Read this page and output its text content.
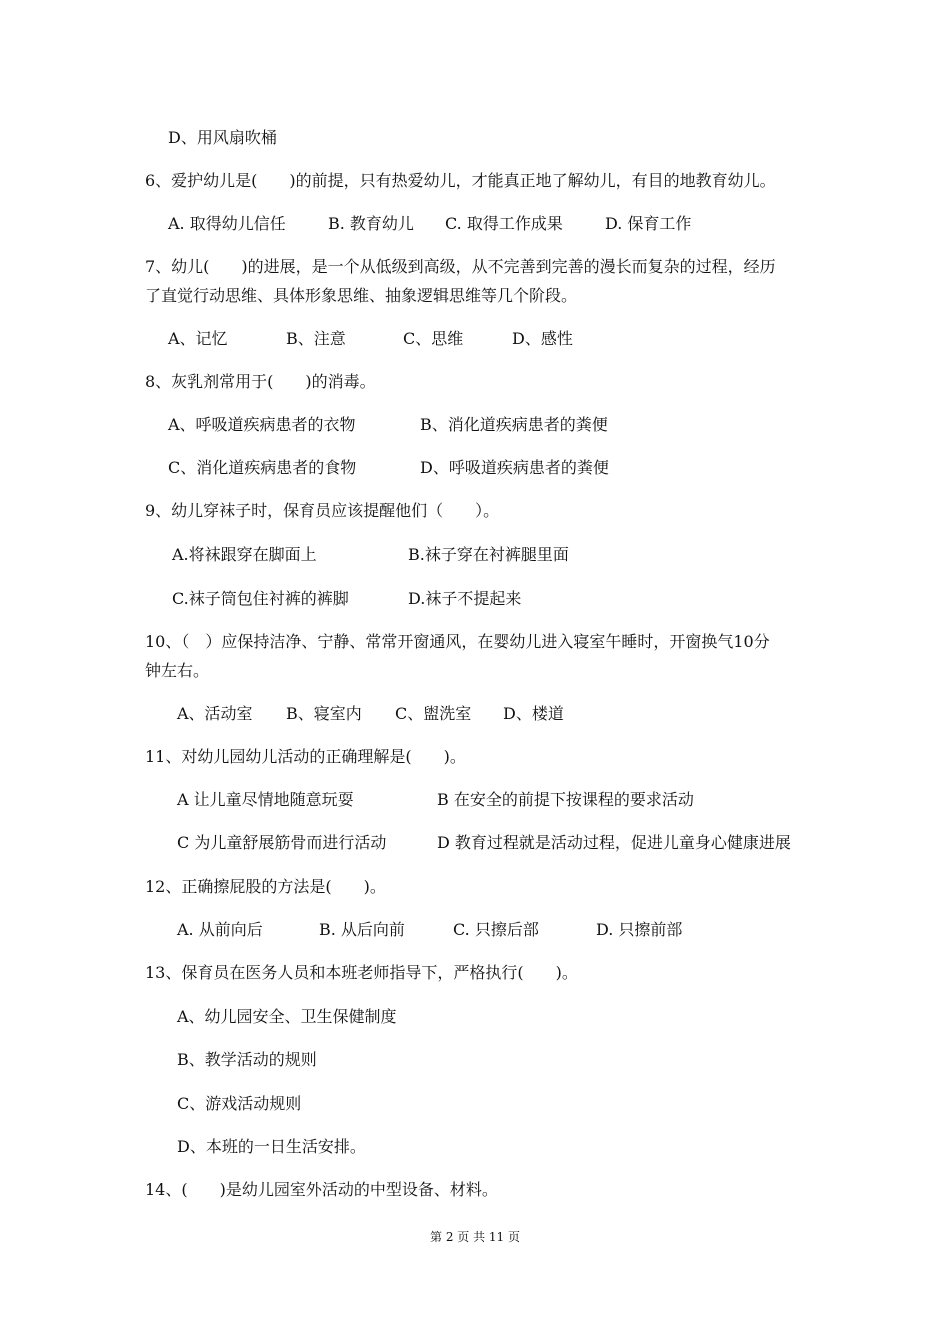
D、用风扇吹桶
6、爱护幼儿是(　　)的前提，只有热爱幼儿，才能真正地了解幼儿，有目的地教育幼儿。
A. 取得幼儿信任	B. 教育幼儿 C. 取得工作成果	D. 保育工作
7、幼儿(　　)的进展，是一个从低级到高级，从不完善到完善的漫长而复杂的过程，经历
了直觉行动思维、具体形象思维、抽象逻辑思维等几个阶段。
A、记忆	B、注意	C、思维	D、感性
8、灰乳剂常用于(　　)的消毒。
A、呼吸道疾病患者的衣物	B、消化道疾病患者的粪便
C、消化道疾病患者的食物	D、呼吸道疾病患者的粪便
9、幼儿穿袜子时，保育员应该提醒他们（　　）。
A.将袜跟穿在脚面上	B.袜子穿在衬裤腿里面
C.袜子筒包住衬裤的裤脚	D.袜子不提起来
10、（　）应保持洁净、宁静、常常开窗通风，在婴幼儿进入寝室午睡时，开窗换气10分
钟左右。
A、活动室 B、寝室内 C、盥洗室 D、楼道
11、对幼儿园幼儿活动的正确理解是(　　)。
A 让儿童尽情地随意玩耍	B 在安全的前提下按课程的要求活动
C 为儿童舒展筋骨而进行活动	D 教育过程就是活动过程，促进儿童身心健康进展
12、正确擦屁股的方法是(　　)。
A. 从前向后	B. 从后向前	C. 只擦后部	D. 只擦前部
13、保育员在医务人员和本班老师指导下，严格执行(　　)。
A、幼儿园安全、卫生保健制度
B、教学活动的规则
C、游戏活动规则
D、本班的一日生活安排。
14、(　　)是幼儿园室外活动的中型设备、材料。
第 2 页 共 11 页
